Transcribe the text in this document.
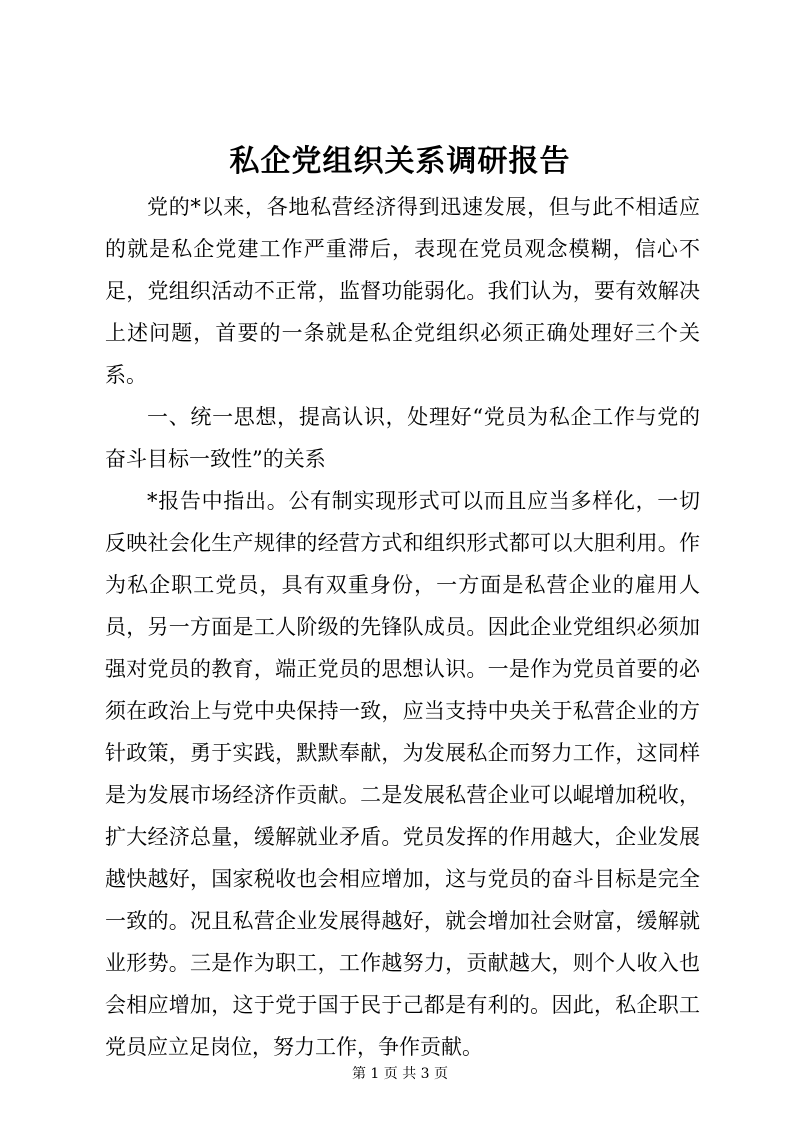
私企党组织关系调研报告

党的*以来，各地私营经济得到迅速发展，但与此不相适应的就是私企党建工作严重滞后，表现在党员观念模糊，信心不足，党组织活动不正常，监督功能弱化。我们认为，要有效解决上述问题，首要的一条就是私企党组织必须正确处理好三个关系。

一、统一思想，提高认识，处理好“党员为私企工作与党的奋斗目标一致性”的关系

*报告中指出。公有制实现形式可以而且应当多样化，一切反映社会化生产规律的经营方式和组织形式都可以大胆利用。作为私企职工党员，具有双重身份，一方面是私营企业的雇用人员，另一方面是工人阶级的先锋队成员。因此企业党组织必须加强对党员的教育，端正党员的思想认识。一是作为党员首要的必须在政治上与党中央保持一致，应当支持中央关于私营企业的方针政策，勇于实践，默默奉献，为发展私企而努力工作，这同样是为发展市场经济作贡献。二是发展私营企业可以崐增加税收，扩大经济总量，缓解就业矛盾。党员发挥的作用越大，企业发展越快越好，国家税收也会相应增加，这与党员的奋斗目标是完全一致的。况且私营企业发展得越好，就会增加社会财富，缓解就业形势。三是作为职工，工作越努力，贡献越大，则个人收入也会相应增加，这于党于国于民于己都是有利的。因此，私企职工党员应立足岗位，努力工作，争作贡献。

第 1 页 共 3 页
